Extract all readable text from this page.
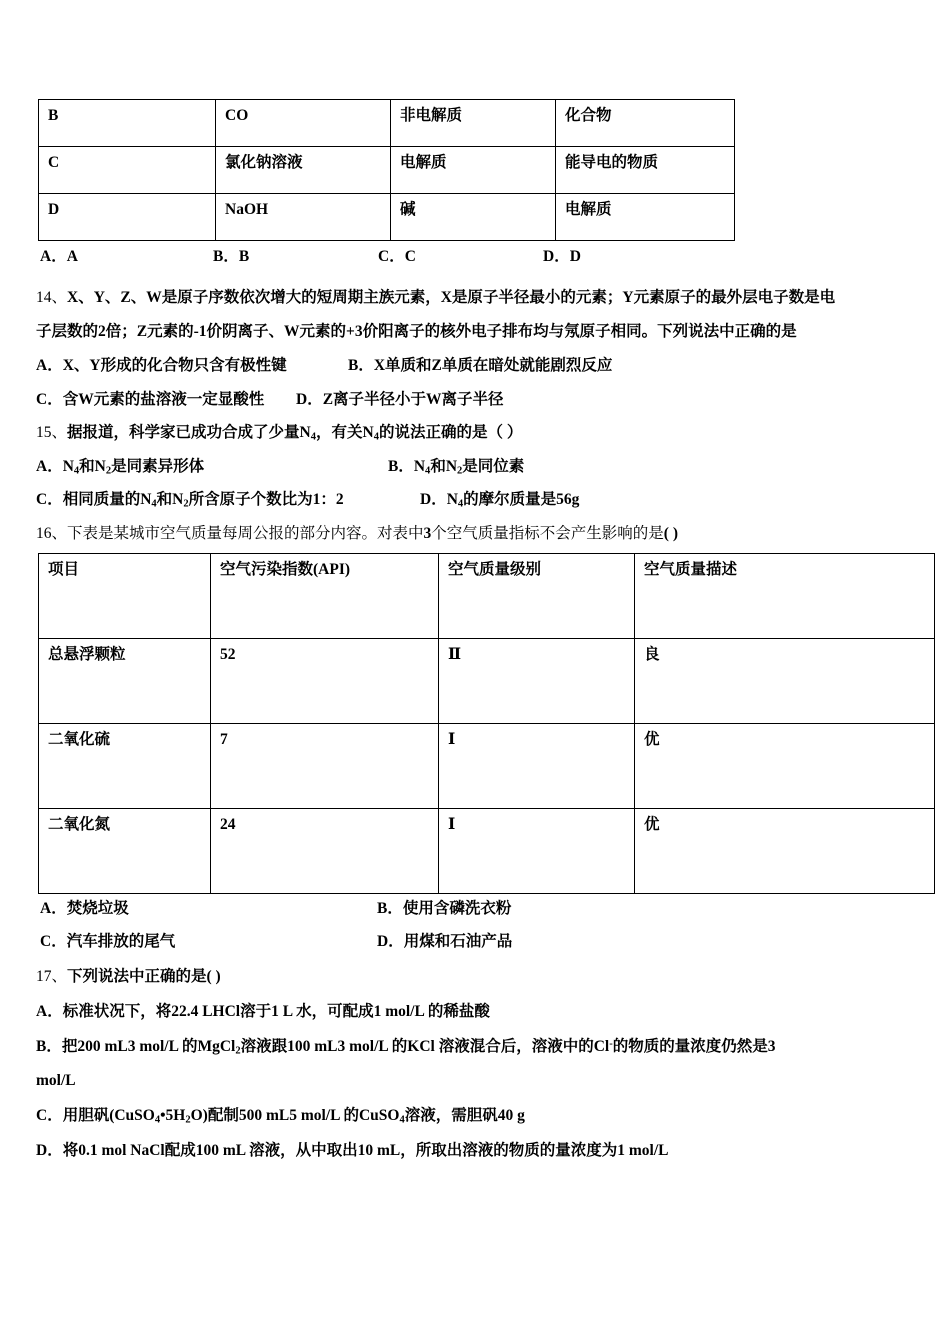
B	CO	非电解质	化合物
C	氯化钠溶液	电解质	能导电的物质
D	NaOH	碱	电解质
A．A	B．B	C．C	D．D
14、X、Y、Z、W是原子序数依次增大的短周期主族元素，X是原子半径最小的元素；Y元素原子的最外层电子数是电
子层数的2倍；Z元素的-1价阴离子、W元素的+3价阳离子的核外电子排布均与氖原子相同。下列说法中正确的是
A．X、Y形成的化合物只含有极性键	B．X单质和Z单质在暗处就能剧烈反应
C．含W元素的盐溶液一定显酸性 D．Z离子半径小于W离子半径
15、据报道，科学家已成功合成了少量$N_4$，有关$N_4$的说法正确的是（ ）
A．$N_4$和$N_2$是同素异形体	B．$N_4$和$N_2$是同位素
C．相同质量的$N_4$和$N_2$所含原子个数比为1：2	D．$N_4$的摩尔质量是56g
16、下表是某城市空气质量每周公报的部分内容。对表中3个空气质量指标不会产生影响的是( )
项目	空气污染指数(API)	空气质量级别	空气质量描述
总悬浮颗粒	52	Ⅱ	良
二氧化硫	7	Ⅰ	优
二氧化氮	24	Ⅰ	优
A．焚烧垃圾	B．使用含磷洗衣粉
C．汽车排放的尾气	D．用煤和石油产品
17、下列说法中正确的是( )
A．标准状况下，将22.4 LHCl溶于1 L 水，可配成1 mol/L 的稀盐酸
B．把200 mL3 mol/L 的MgCl$_2$溶液跟100 mL3 mol/L 的KCl 溶液混合后，溶液中的Cl-的物质的量浓度仍然是3
mol/L
C．用胆矾$(CuSO_4•5H_2O)$配制500 mL5 mol/L 的CuSO$_4$溶液，需胆矾40 g
D．将0.1 mol NaCl配成100 mL 溶液，从中取出10 mL，所取出溶液的物质的量浓度为1 mol/L
